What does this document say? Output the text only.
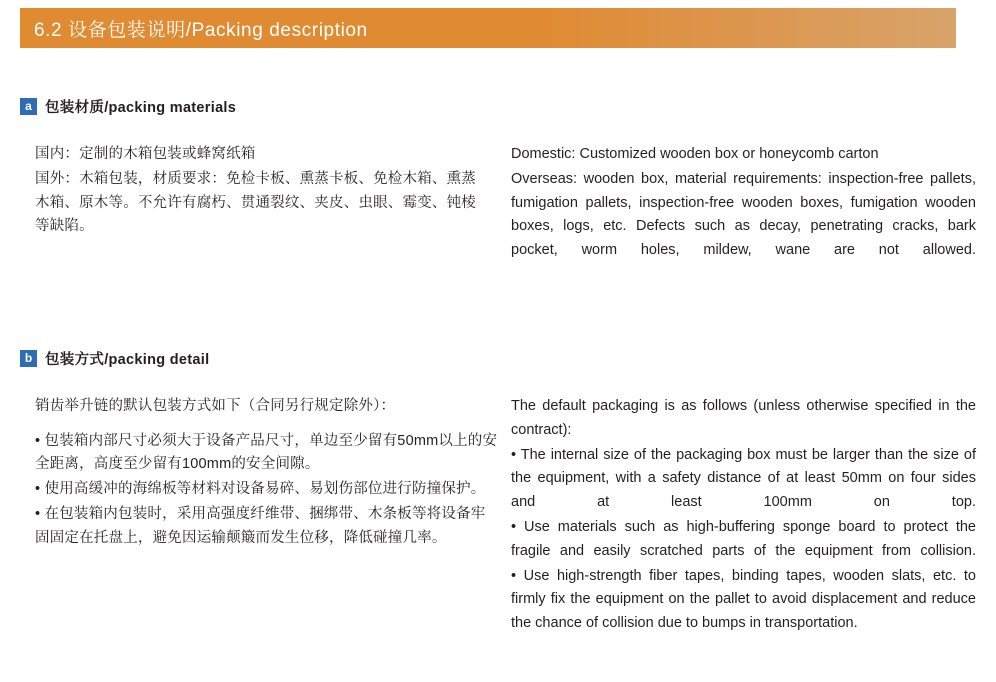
6.2 设备包装说明/Packing description
a 包装材质/packing materials

国内：定制的木箱包装或蜂窝纸箱

国外：木箱包装，材质要求：免检卡板、熏蒸卡板、免检木箱、熏蒸木箱、原木等。不允许有腐朽、贯通裂纹、夹皮、虫眼、霉变、钝棱等缺陷。

Domestic: Customized wooden box or honeycomb carton

Overseas: wooden box, material requirements: inspection-free pallets, fumigation pallets, inspection-free wooden boxes, fumigation wooden boxes, logs, etc. Defects such as decay, penetrating cracks, bark pocket, worm holes, mildew, wane are not allowed.

b 包装方式/packing detail

销齿举升链的默认包装方式如下（合同另行规定除外）：

• 包装箱内部尺寸必须大于设备产品尺寸，单边至少留有50mm以上的安全距离，高度至少留有100mm的安全间隙。

• 使用高缓冲的海绵板等材料对设备易碎、易划伤部位进行防撞保护。

• 在包装箱内包装时，采用高强度纤维带、捆绑带、木条板等将设备牢固固定在托盘上，避免因运输颠簸而发生位移，降低碰撞几率。

The default packaging is as follows (unless otherwise specified in the contract):

• The internal size of the packaging box must be larger than the size of the equipment, with a safety distance of at least 50mm on four sides and at least 100mm on top.

• Use materials such as high-buffering sponge board to protect the fragile and easily scratched parts of the equipment from collision.

• Use high-strength fiber tapes, binding tapes, wooden slats, etc. to firmly fix the equipment on the pallet to avoid displacement and reduce the chance of collision due to bumps in transportation.
